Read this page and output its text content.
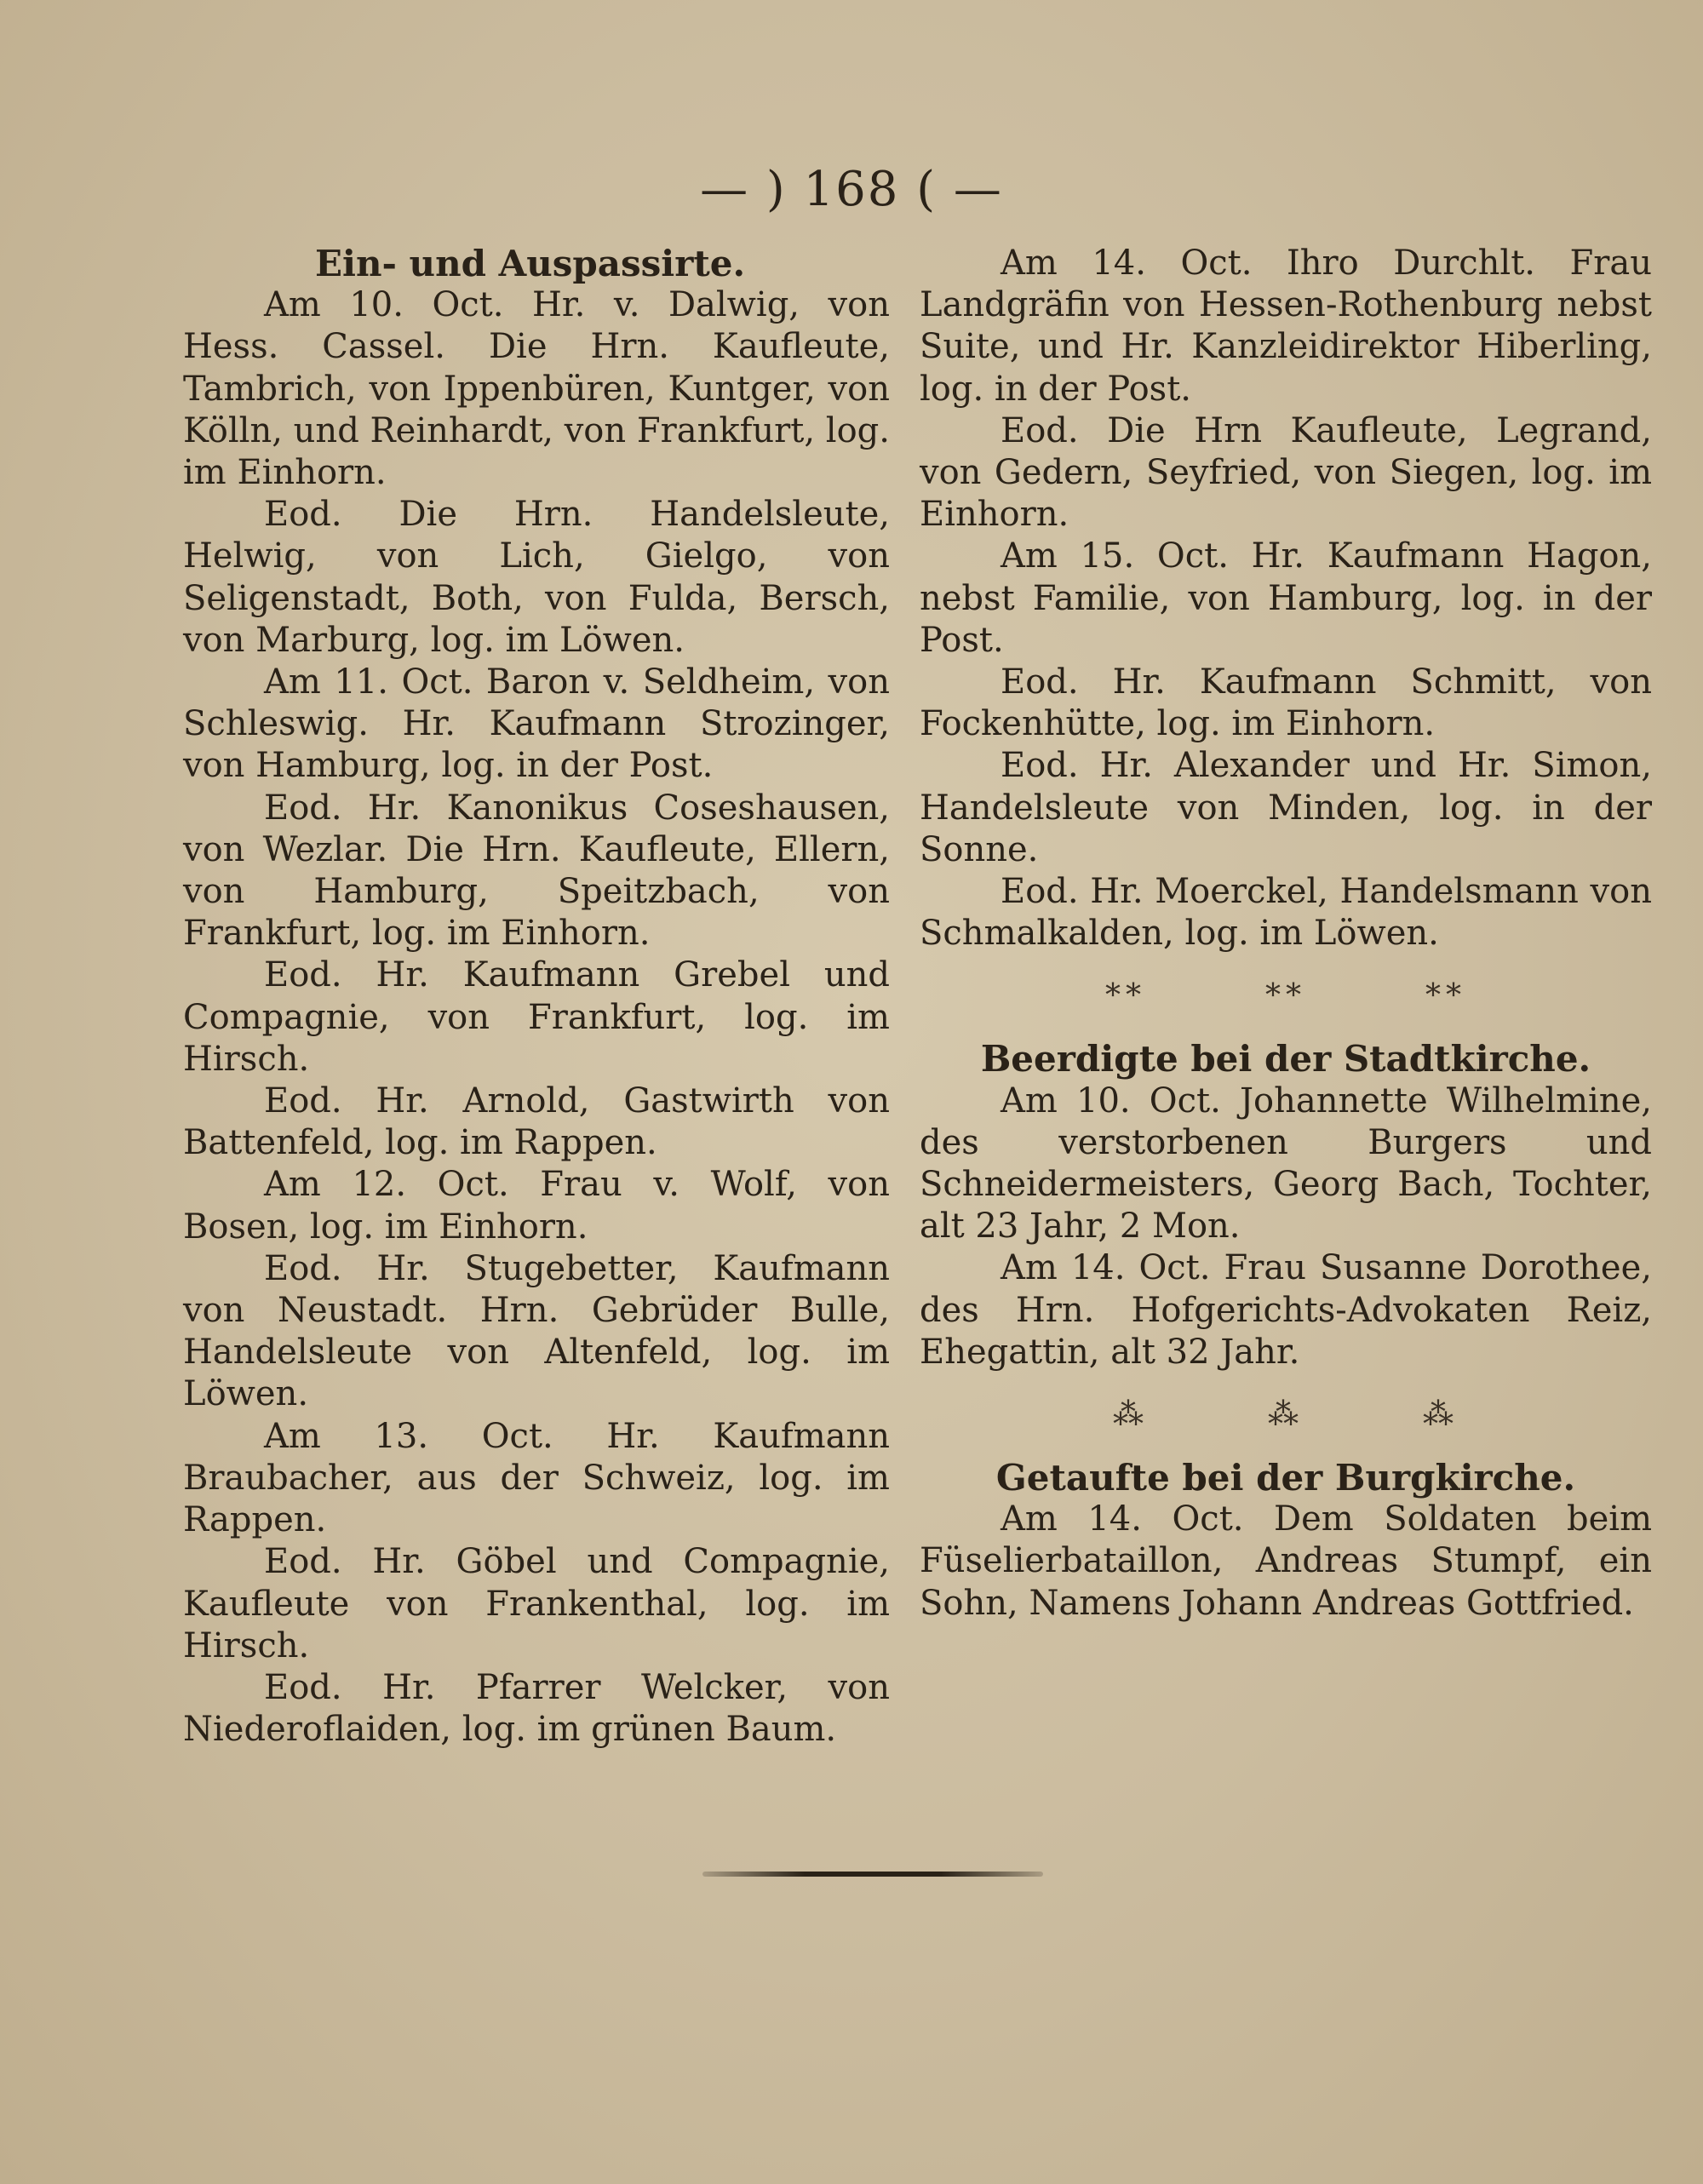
— ) 168 ( —
Ein- und Auspassirte.

Am 10. Oct. Hr. v. Dalwig, von Hess. Cassel. Die Hrn. Kaufleute, Tambrich, von Ippenbüren, Kuntger, von Kölln, und Reinhardt, von Frankfurt, log. im Einhorn.

Eod. Die Hrn. Handelsleute, Helwig, von Lich, Gielgo, von Seligenstadt, Both, von Fulda, Bersch, von Marburg, log. im Löwen.

Am 11. Oct. Baron v. Seldheim, von Schleswig. Hr. Kaufmann Strozinger, von Hamburg, log. in der Post.

Eod. Hr. Kanonikus Coseshausen, von Wezlar. Die Hrn. Kaufleute, Ellern, von Hamburg, Speitzbach, von Frankfurt, log. im Einhorn.

Eod. Hr. Kaufmann Grebel und Compagnie, von Frankfurt, log. im Hirsch.

Eod. Hr. Arnold, Gastwirth von Battenfeld, log. im Rappen.

Am 12. Oct. Frau v. Wolf, von Bosen, log. im Einhorn.

Eod. Hr. Stugebetter, Kaufmann von Neustadt. Hrn. Gebrüder Bulle, Handelsleute von Altenfeld, log. im Löwen.

Am 13. Oct. Hr. Kaufmann Braubacher, aus der Schweiz, log. im Rappen.

Eod. Hr. Göbel und Compagnie, Kaufleute von Frankenthal, log. im Hirsch.

Eod. Hr. Pfarrer Welcker, von Niederoflaiden, log. im grünen Baum.

Am 14. Oct. Ihro Durchlt. Frau Landgräfin von Hessen-Rothenburg nebst Suite, und Hr. Kanzleidirektor Hiberling, log. in der Post.

Eod. Die Hrn Kaufleute, Legrand, von Gedern, Seyfried, von Siegen, log. im Einhorn.

Am 15. Oct. Hr. Kaufmann Hagon, nebst Familie, von Hamburg, log. in der Post.

Eod. Hr. Kaufmann Schmitt, von Fockenhütte, log. im Einhorn.

Eod. Hr. Alexander und Hr. Simon, Handelsleute von Minden, log. in der Sonne.

Eod. Hr. Moerckel, Handelsmann von Schmalkalden, log. im Löwen.

**	**	**
Beerdigte bei der Stadtkirche.

Am 10. Oct. Johannette Wilhelmine, des verstorbenen Burgers und Schneidermeisters, Georg Bach, Tochter, alt 23 Jahr, 2 Mon.

Am 14. Oct. Frau Susanne Dorothee, des Hrn. Hofgerichts-Advokaten Reiz, Ehegattin, alt 32 Jahr.

⁂	⁂	⁂
Getaufte bei der Burgkirche.

Am 14. Oct. Dem Soldaten beim Füselierbataillon, Andreas Stumpf, ein Sohn, Namens Johann Andreas Gottfried.
